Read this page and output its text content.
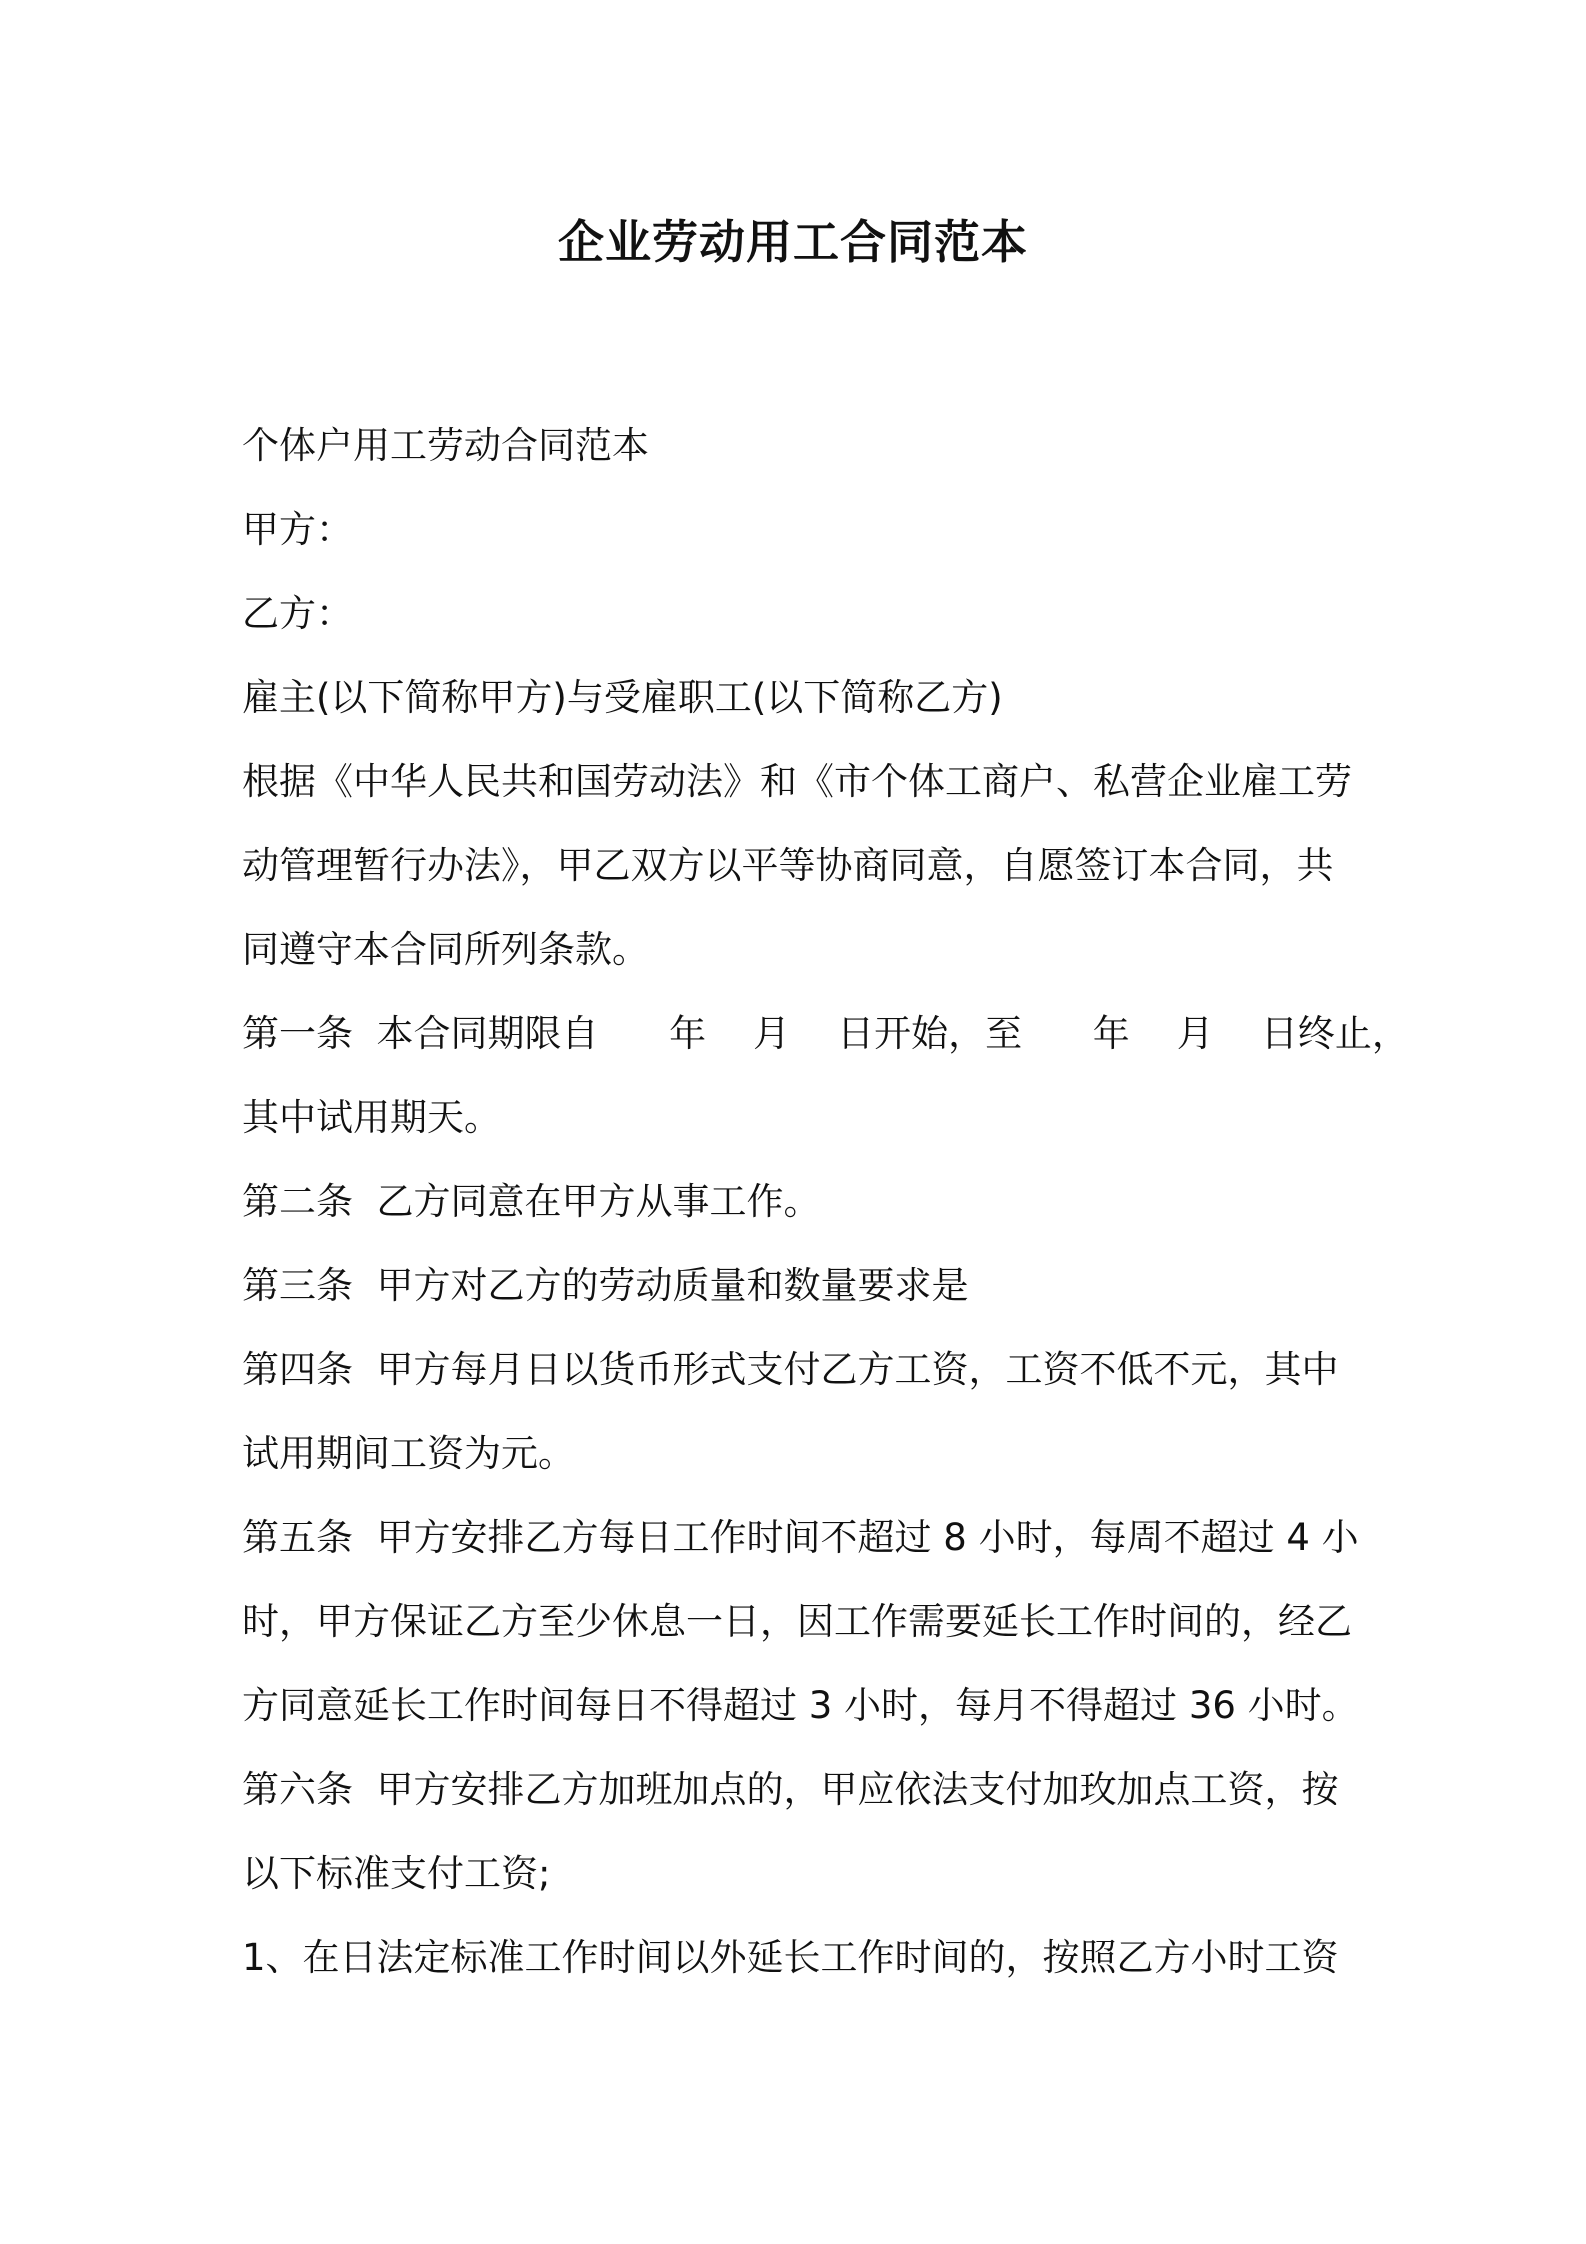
企业劳动用工合同范本

个体户用工劳动合同范本

甲方：

乙方：

雇主(以下简称甲方)与受雇职工(以下简称乙方)

根据《中华人民共和国劳动法》和《市个体工商户、私营企业雇工劳

动管理暂行办法》，甲乙双方以平等协商同意，自愿签订本合同，共

同遵守本合同所列条款。

第一条  本合同期限自      年    月    日开始，至      年    月    日终止，

其中试用期天。

第二条  乙方同意在甲方从事工作。

第三条  甲方对乙方的劳动质量和数量要求是

第四条  甲方每月日以货币形式支付乙方工资，工资不低不元，其中

试用期间工资为元。

第五条  甲方安排乙方每日工作时间不超过 8 小时，每周不超过 4 小

时，甲方保证乙方至少休息一日，因工作需要延长工作时间的，经乙

方同意延长工作时间每日不得超过 3 小时，每月不得超过 36 小时。

第六条  甲方安排乙方加班加点的，甲应依法支付加玫加点工资，按

以下标准支付工资;

1、在日法定标准工作时间以外延长工作时间的，按照乙方小时工资
